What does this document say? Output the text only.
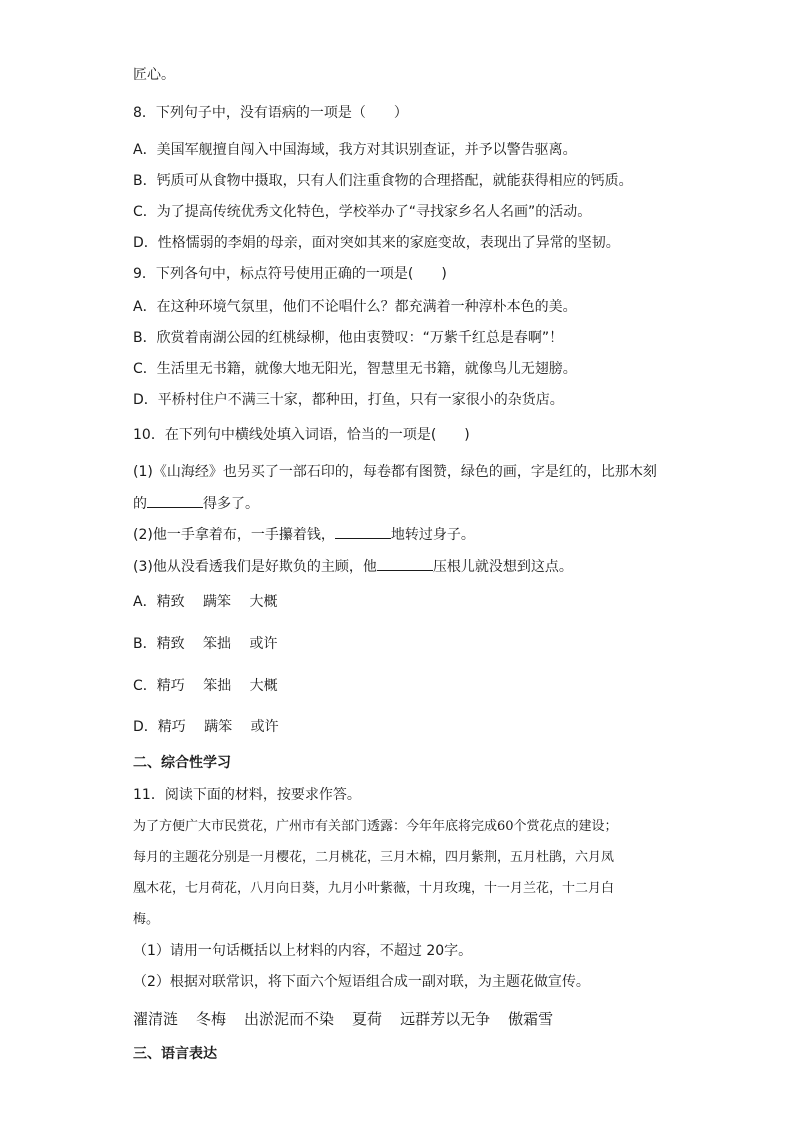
匠心。

8．下列句子中，没有语病的一项是（　　）

A．美国军舰擅自闯入中国海域，我方对其识别查证，并予以警告驱离。

B．钙质可从食物中摄取，只有人们注重食物的合理搭配，就能获得相应的钙质。

C．为了提高传统优秀文化特色，学校举办了“寻找家乡名人名画”的活动。

D．性格懦弱的李娟的母亲，面对突如其来的家庭变故，表现出了异常的坚韧。

9．下列各句中，标点符号使用正确的一项是(　　)

A．在这种环境气氛里，他们不论唱什么？都充满着一种淳朴本色的美。

B．欣赏着南湖公园的红桃绿柳，他由衷赞叹：“万紫千红总是春啊”！

C．生活里无书籍，就像大地无阳光，智慧里无书籍，就像鸟儿无翅膀。

D．平桥村住户不满三十家，都种田，打鱼，只有一家很小的杂货店。

10．在下列句中横线处填入词语，恰当的一项是(　　)

(1)《山海经》也另买了一部石印的，每卷都有图赞，绿色的画，字是红的，比那木刻

的	得多了。

(2)他一手拿着布，一手攥着钱，	地转过身子。

(3)他从没看透我们是好欺负的主顾，他	压根儿就没想到这点。

A．精致　 蹒笨　 大概

B．精致　 笨拙　 或许

C．精巧　 笨拙　 大概

D．精巧　 蹒笨　 或许

二、综合性学习

11．阅读下面的材料，按要求作答。

为了方便广大市民赏花，广州市有关部门透露：今年年底将完成60个赏花点的建设；

每月的主题花分别是一月樱花，二月桃花，三月木棉，四月紫荆，五月杜鹃，六月凤

凰木花，七月荷花，八月向日葵，九月小叶紫薇，十月玫瑰，十一月兰花，十二月白

梅。

（1）请用一句话概括以上材料的内容，不超过 20字。

（2）根据对联常识，将下面六个短语组合成一副对联，为主题花做宣传。

濯清涟 冬梅 出淤泥而不染 夏荷 远群芳以无争 傲霜雪

三、语言表达
